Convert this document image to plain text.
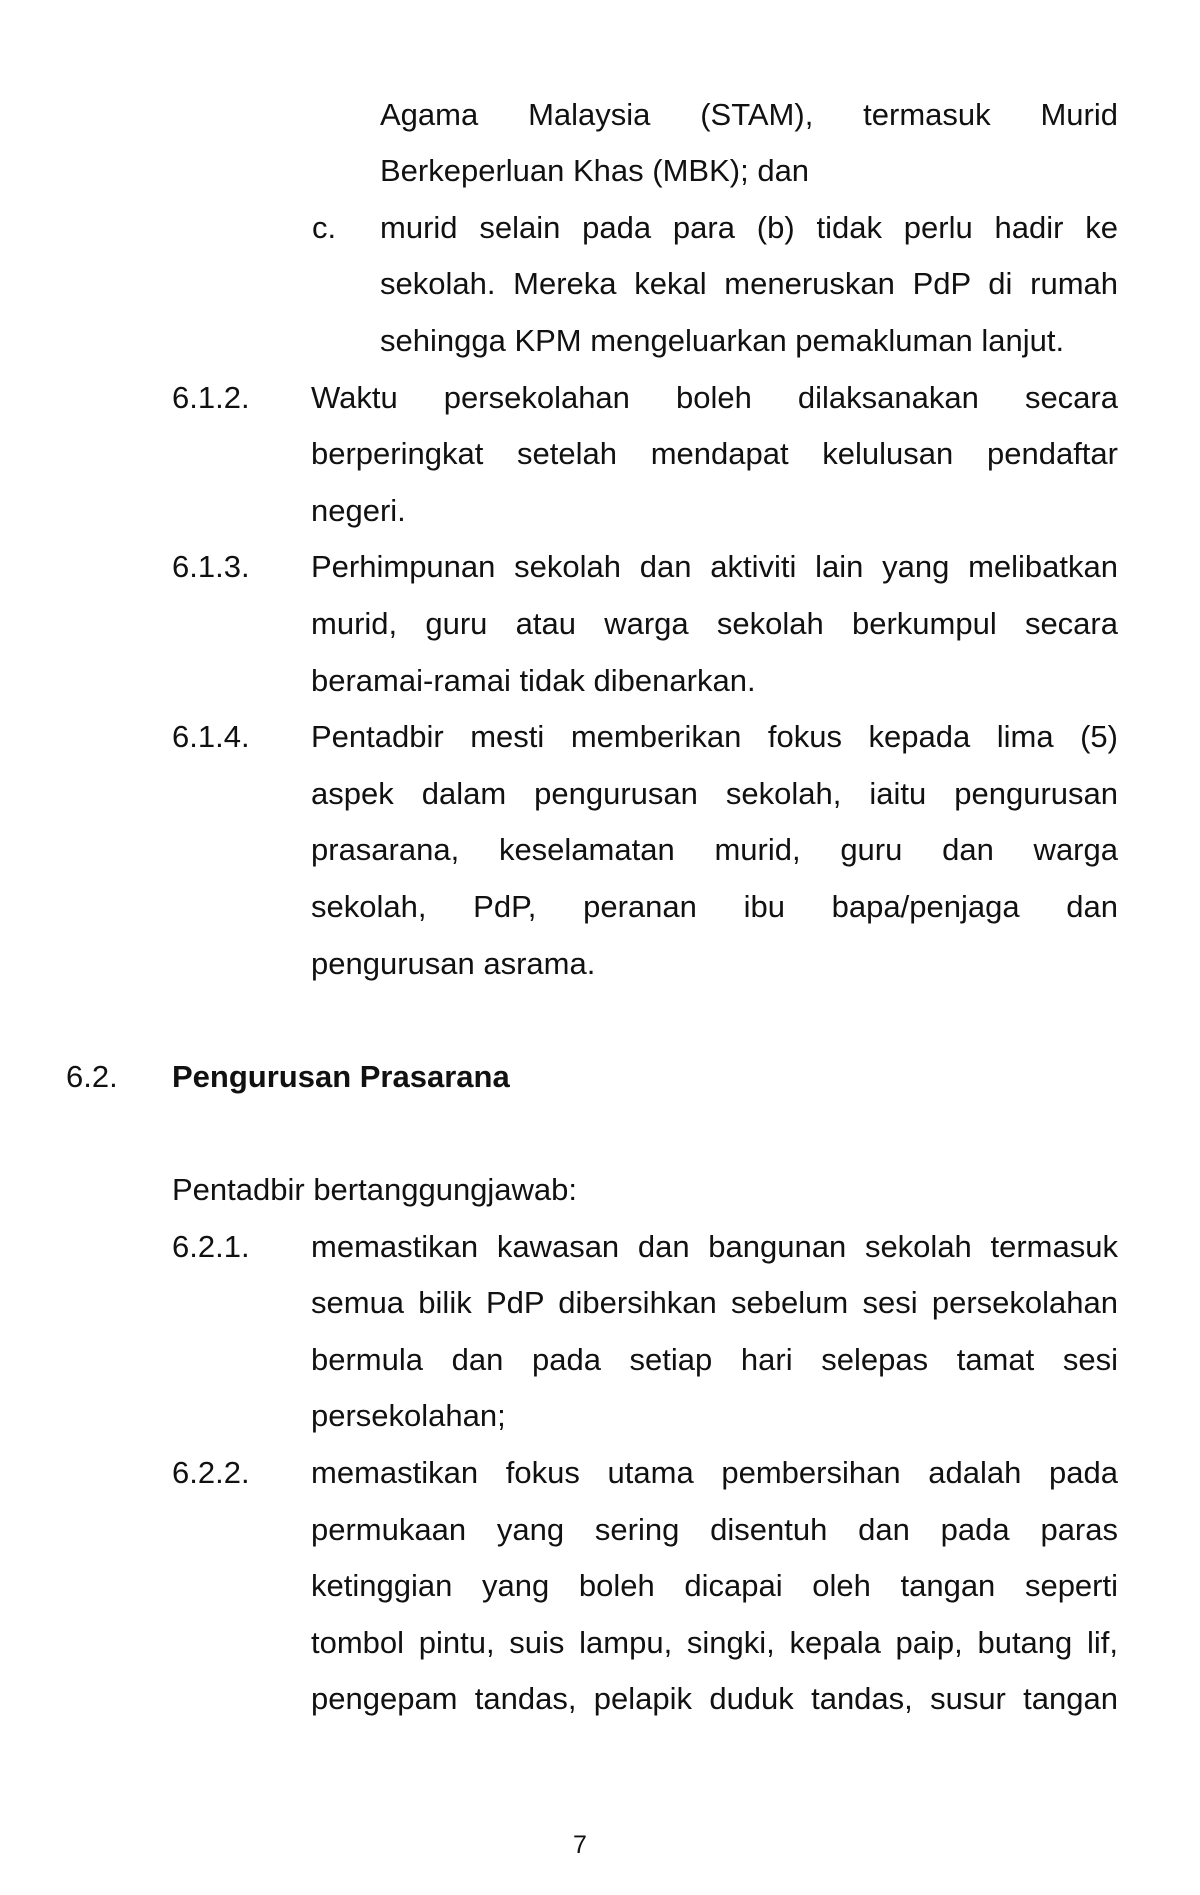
Agama Malaysia (STAM), termasuk Murid
Berkeperluan Khas (MBK); dan
c. murid selain pada para (b) tidak perlu hadir ke
sekolah. Mereka kekal meneruskan PdP di rumah
sehingga KPM mengeluarkan pemakluman lanjut.
6.1.2. Waktu persekolahan boleh dilaksanakan secara
berperingkat setelah mendapat kelulusan pendaftar
negeri.
6.1.3. Perhimpunan sekolah dan aktiviti lain yang melibatkan
murid, guru atau warga sekolah berkumpul secara
beramai-ramai tidak dibenarkan.
6.1.4. Pentadbir mesti memberikan fokus kepada lima (5)
aspek dalam pengurusan sekolah, iaitu pengurusan
prasarana, keselamatan murid, guru dan warga
sekolah, PdP, peranan ibu bapa/penjaga dan
pengurusan asrama.
6.2. Pengurusan Prasarana
Pentadbir bertanggungjawab:
6.2.1. memastikan kawasan dan bangunan sekolah termasuk
semua bilik PdP dibersihkan sebelum sesi persekolahan
bermula dan pada setiap hari selepas tamat sesi
persekolahan;
6.2.2. memastikan fokus utama pembersihan adalah pada
permukaan yang sering disentuh dan pada paras
ketinggian yang boleh dicapai oleh tangan seperti
tombol pintu, suis lampu, singki, kepala paip, butang lif,
pengepam tandas, pelapik duduk tandas, susur tangan
7
